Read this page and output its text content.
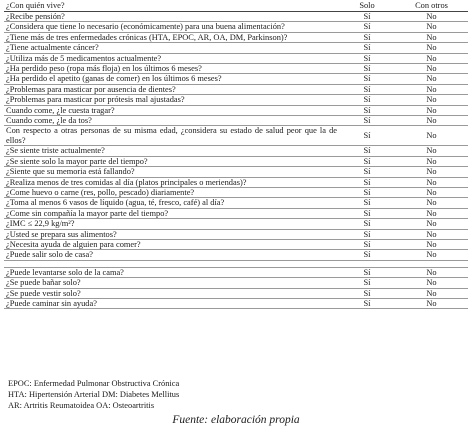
¿Con quién vive?	Solo	Con otros
¿Recibe pensión?	Sí	No
¿Considera que tiene lo necesario (económicamente) para una buena alimentación?	Sí	No
¿Tiene más de tres enfermedades crónicas (HTA, EPOC, AR, OA, DM, Parkinson)?	Sí	No
¿Tiene actualmente cáncer?	Sí	No
¿Utiliza más de 5 medicamentos actualmente?	Sí	No
¿Ha perdido peso (ropa más floja) en los últimos 6 meses?	Sí	No
¿Ha perdido el apetito (ganas de comer) en los últimos 6 meses?	Sí	No
¿Problemas para masticar por ausencia de dientes?	Sí	No
¿Problemas para masticar por prótesis mal ajustadas?	Sí	No
Cuando come, ¿le cuesta tragar?	Sí	No
Cuando come, ¿le da tos?	Sí	No
Con respecto a otras personas de su misma edad, ¿considera su estado de salud peor que la de ellos?	Sí	No
¿Se siente triste actualmente?	Sí	No
¿Se siente solo la mayor parte del tiempo?	Sí	No
¿Siente que su memoria está fallando?	Sí	No
¿Realiza menos de tres comidas al día (platos principales o meriendas)?	Sí	No
¿Come huevo o carne (res, pollo, pescado) diariamente?	Sí	No
¿Toma al menos 6 vasos de líquido (agua, té, fresco, café) al día?	Sí	No
¿Come sin compañía la mayor parte del tiempo?	Sí	No
¿IMC ≤ 22,9 kg/m²?	Sí	No
¿Usted se prepara sus alimentos?	Sí	No
¿Necesita ayuda de alguien para comer?	Sí	No
¿Puede salir solo de casa?	Sí	No

¿Puede levantarse solo de la cama?	Sí	No
¿Se puede bañar solo?	Sí	No
¿Se puede vestir solo?	Sí	No
¿Puede caminar sin ayuda?	Sí	No
EPOC: Enfermedad Pulmonar Obstructiva Crónica
HTA: Hipertensión Arterial DM: Diabetes Mellitus
AR: Artritis Reumatoidea OA: Osteoartritis
Fuente: elaboración propia
